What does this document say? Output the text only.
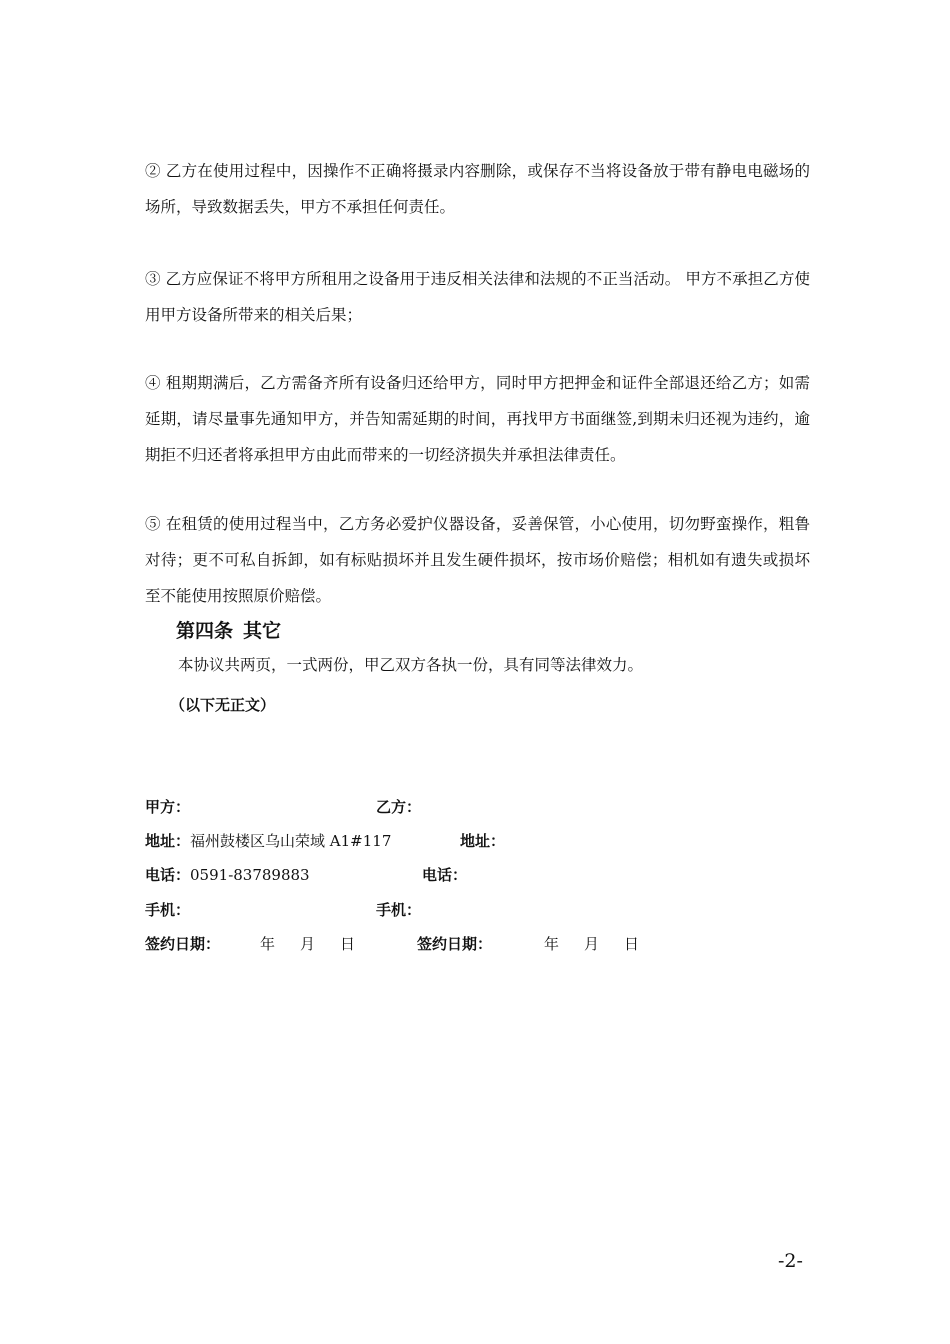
② 乙方在使用过程中，因操作不正确将摄录内容删除，或保存不当将设备放于带有静电电磁场的场所，导致数据丢失，甲方不承担任何责任。

③ 乙方应保证不将甲方所租用之设备用于违反相关法律和法规的不正当活动。 甲方不承担乙方使用甲方设备所带来的相关后果；

④ 租期期满后，乙方需备齐所有设备归还给甲方，同时甲方把押金和证件全部退还给乙方；如需延期，请尽量事先通知甲方，并告知需延期的时间，再找甲方书面继签,到期未归还视为违约，逾期拒不归还者将承担甲方由此而带来的一切经济损失并承担法律责任。

⑤ 在租赁的使用过程当中，乙方务必爱护仪器设备，妥善保管，小心使用，切勿野蛮操作，粗鲁对待；更不可私自拆卸，如有标贴损坏并且发生硬件损坏，按市场价赔偿；相机如有遗失或损坏至不能使用按照原价赔偿。

第四条 其它

本协议共两页，一式两份，甲乙双方各执一份，具有同等法律效力。

（以下无正文）

甲方：
地址：福州鼓楼区乌山荣域 A1#117
电话：0591-83789883
手机：
签约日期：	年 月 日
乙方：
地址：
电话：
手机：
签约日期：	年 月 日
-2-
